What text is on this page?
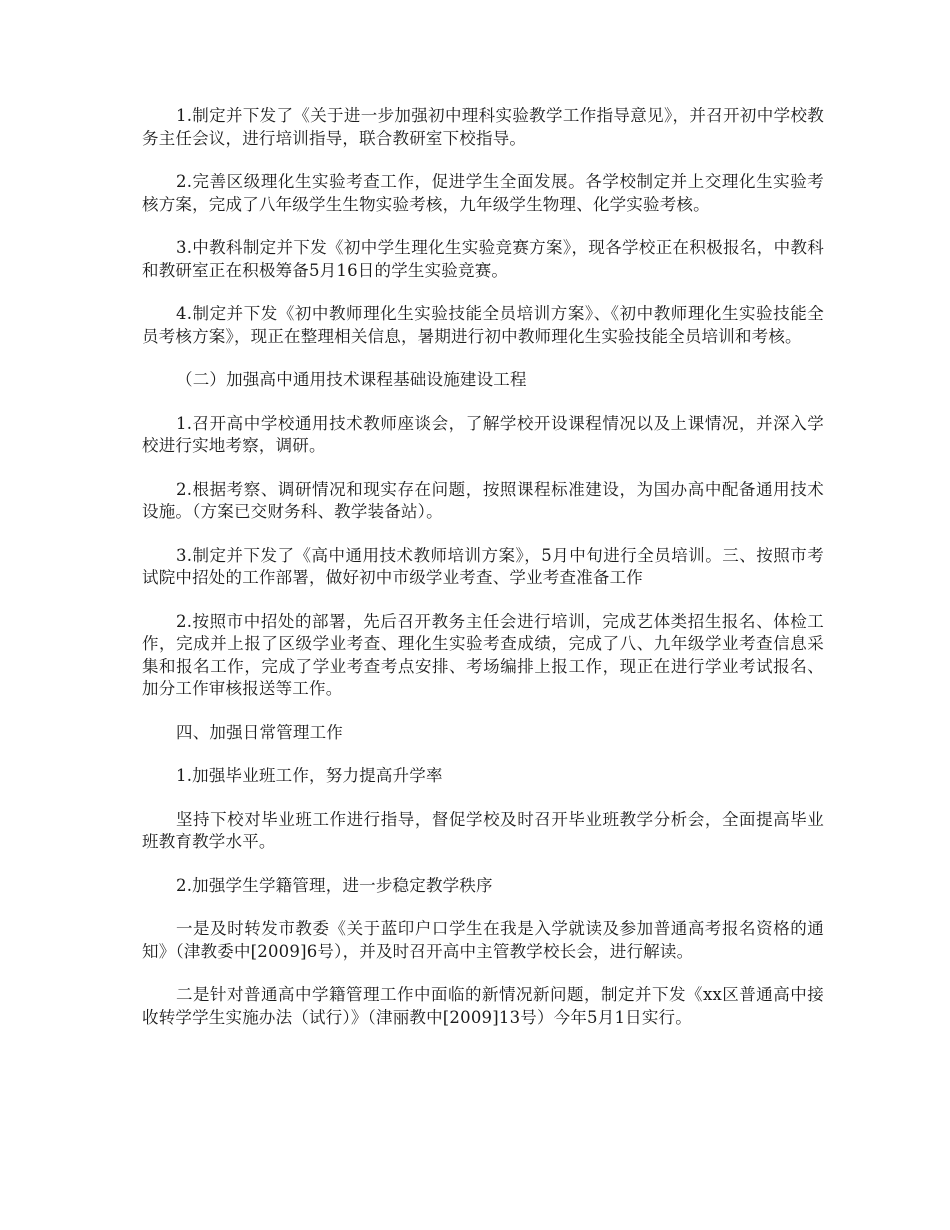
1.制定并下发了《关于进一步加强初中理科实验教学工作指导意见》，并召开初中学校教务主任会议，进行培训指导，联合教研室下校指导。

2.完善区级理化生实验考查工作，促进学生全面发展。各学校制定并上交理化生实验考核方案，完成了八年级学生生物实验考核，九年级学生物理、化学实验考核。

3.中教科制定并下发《初中学生理化生实验竞赛方案》，现各学校正在积极报名，中教科和教研室正在积极筹备5月16日的学生实验竞赛。

4.制定并下发《初中教师理化生实验技能全员培训方案》、《初中教师理化生实验技能全员考核方案》，现正在整理相关信息，暑期进行初中教师理化生实验技能全员培训和考核。

（二）加强高中通用技术课程基础设施建设工程

1.召开高中学校通用技术教师座谈会，了解学校开设课程情况以及上课情况，并深入学校进行实地考察，调研。

2.根据考察、调研情况和现实存在问题，按照课程标准建设，为国办高中配备通用技术设施。（方案已交财务科、教学装备站）。

3.制定并下发了《高中通用技术教师培训方案》，5月中旬进行全员培训。三、按照市考试院中招处的工作部署，做好初中市级学业考查、学业考查准备工作

2.按照市中招处的部署，先后召开教务主任会进行培训，完成艺体类招生报名、体检工作，完成并上报了区级学业考查、理化生实验考查成绩，完成了八、九年级学业考查信息采集和报名工作，完成了学业考查考点安排、考场编排上报工作，现正在进行学业考试报名、加分工作审核报送等工作。

四、加强日常管理工作

1.加强毕业班工作，努力提高升学率

坚持下校对毕业班工作进行指导，督促学校及时召开毕业班教学分析会，全面提高毕业班教育教学水平。

2.加强学生学籍管理，进一步稳定教学秩序

一是及时转发市教委《关于蓝印户口学生在我是入学就读及参加普通高考报名资格的通知》（津教委中[2009]6号），并及时召开高中主管教学校长会，进行解读。

二是针对普通高中学籍管理工作中面临的新情况新问题，制定并下发《xx区普通高中接收转学学生实施办法（试行）》（津丽教中[2009]13号）今年5月1日实行。
